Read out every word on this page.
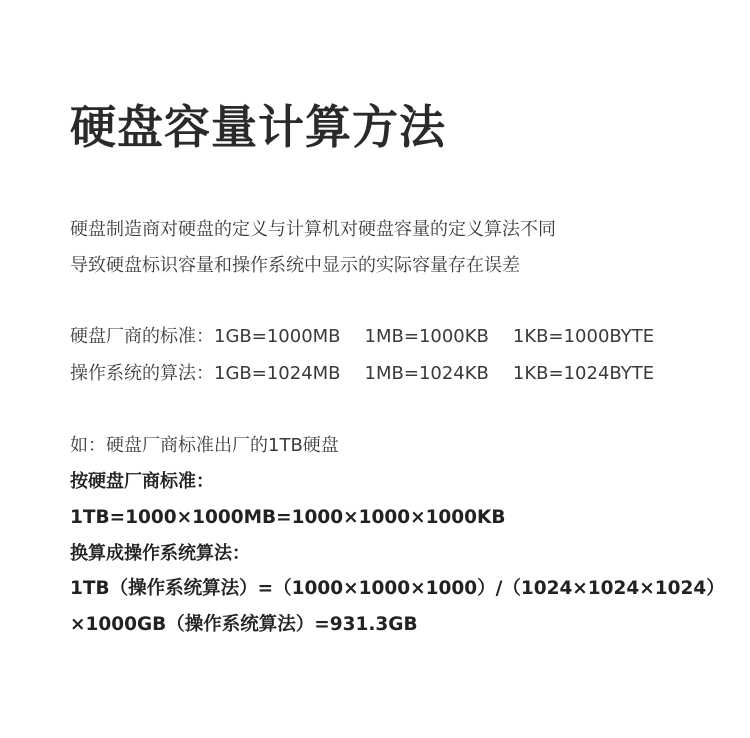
硬盘容量计算方法

硬盘制造商对硬盘的定义与计算机对硬盘容量的定义算法不同

导致硬盘标识容量和操作系统中显示的实际容量存在误差

硬盘厂商的标准：1GB=1000MB 1MB=1000KB 1KB=1000BYTE

操作系统的算法：1GB=1024MB 1MB=1024KB 1KB=1024BYTE

如：硬盘厂商标准出厂的1TB硬盘

按硬盘厂商标准：

1TB=1000×1000MB=1000×1000×1000KB

换算成操作系统算法：

1TB（操作系统算法）=（1000×1000×1000）/（1024×1024×1024）

×1000GB（操作系统算法）=931.3GB
